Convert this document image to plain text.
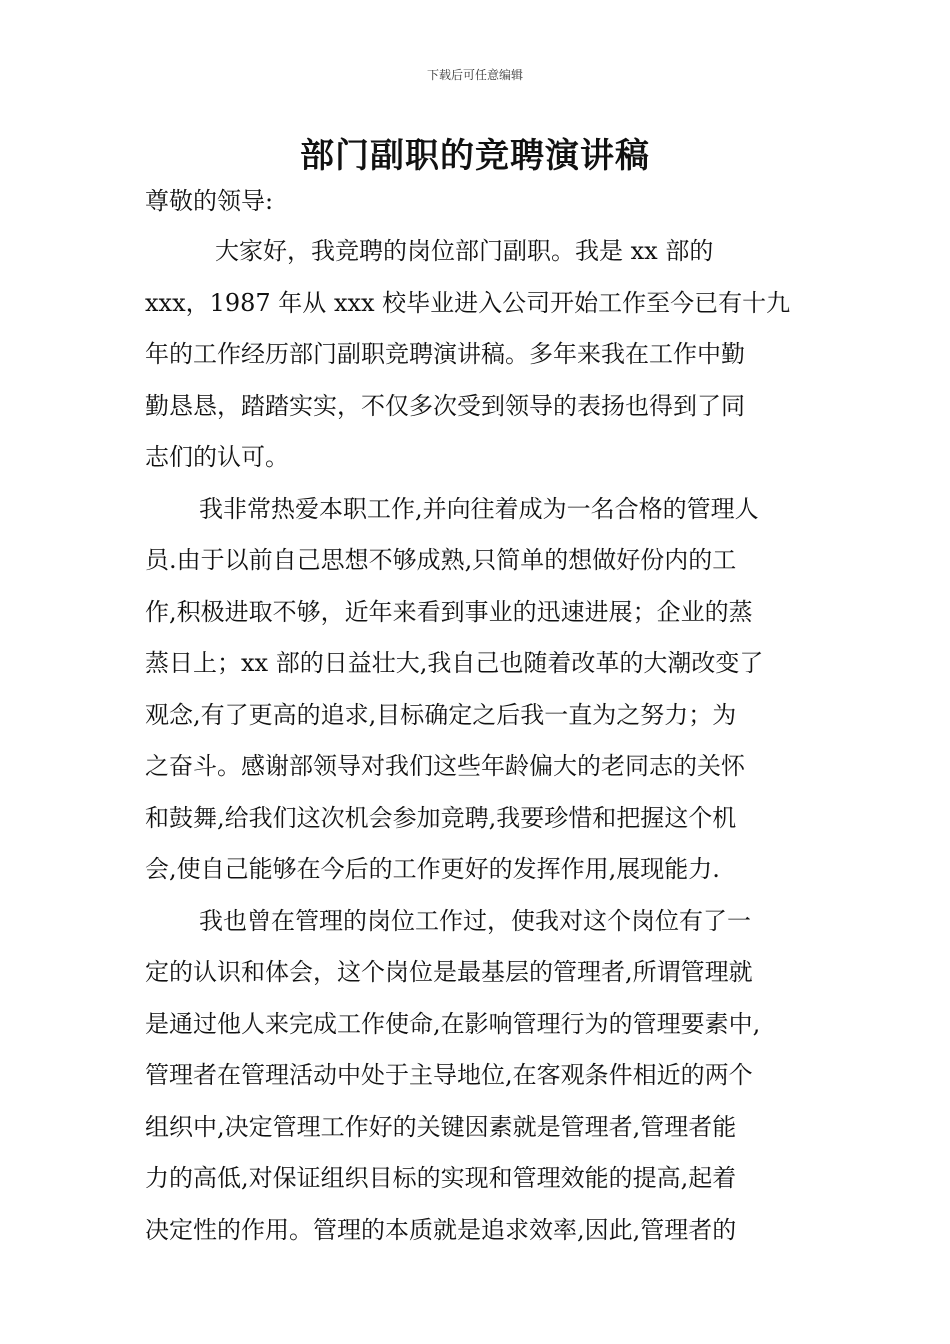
下载后可任意编辑
部门副职的竞聘演讲稿
尊敬的领导:
大家好，我竞聘的岗位部门副职。我是 xx 部的
xxx，1987 年从 xxx 校毕业进入公司开始工作至今已有十九
年的工作经历部门副职竞聘演讲稿。多年来我在工作中勤
勤恳恳，踏踏实实，不仅多次受到领导的表扬也得到了同
志们的认可。
我非常热爱本职工作,并向往着成为一名合格的管理人
员.由于以前自己思想不够成熟,只简单的想做好份内的工
作,积极进取不够，近年来看到事业的迅速进展；企业的蒸
蒸日上；xx 部的日益壮大,我自己也随着改革的大潮改变了
观念,有了更高的追求,目标确定之后我一直为之努力；为
之奋斗。感谢部领导对我们这些年龄偏大的老同志的关怀
和鼓舞,给我们这次机会参加竞聘,我要珍惜和把握这个机
会,使自己能够在今后的工作更好的发挥作用,展现能力.
我也曾在管理的岗位工作过，使我对这个岗位有了一
定的认识和体会，这个岗位是最基层的管理者,所谓管理就
是通过他人来完成工作使命,在影响管理行为的管理要素中,
管理者在管理活动中处于主导地位,在客观条件相近的两个
组织中,决定管理工作好的关键因素就是管理者,管理者能
力的高低,对保证组织目标的实现和管理效能的提高,起着
决定性的作用。管理的本质就是追求效率,因此,管理者的
